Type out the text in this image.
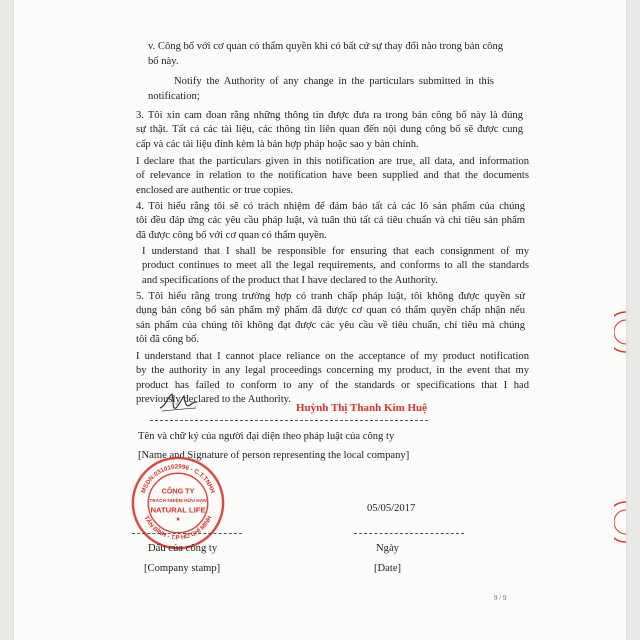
v. Công bố với cơ quan có thẩm quyền khi có bất cứ sự thay đổi nào trong bản công
bố này.
Notify the Authority of any change in the particulars submitted in this
notification;
3. Tôi xin cam đoan rằng những thông tin được đưa ra trong bản công bố này là đúng
sự thật. Tất cả các tài liệu, các thông tin liên quan đến nội dung công bố sẽ được cung
cấp và các tài liệu đính kèm là bản hợp pháp hoặc sao y bản chính.
I declare that the particulars given in this notification are true, all data, and information
of relevance in relation to the notification have been supplied and that the documents
enclosed are authentic or true copies.
4. Tôi hiểu rằng tôi sẽ có trách nhiệm để đảm bảo tất cả các lô sản phẩm của chúng
tôi đều đáp ứng các yêu cầu pháp luật, và tuân thủ tất cả tiêu chuẩn và chỉ tiêu sản phẩm
đã được công bố với cơ quan có thẩm quyền.
I understand that I shall be responsible for ensuring that each consignment of my
product continues to meet all the legal requirements, and conforms to all the standards
and specifications of the product that I have declared to the Authority.
5. Tôi hiểu rằng trong trường hợp có tranh chấp pháp luật, tôi không được quyền sử
dụng bản công bố sản phẩm mỹ phẩm đã được cơ quan có thẩm quyền chấp nhận nếu
sản phẩm của chúng tôi không đạt được các yêu cầu về tiêu chuẩn, chỉ tiêu mà chúng
tôi đã công bố.
I understand that I cannot place reliance on the acceptance of my product notification
by the authority in any legal proceedings concerning my product, in the event that my
product has failed to conform to any of the standards or specifications that I had
previously declared to the Authority.
Huỳnh Thị Thanh Kim Huệ
Tên và chữ ký của người đại diện theo pháp luật của công ty
[Name and Signature of person representing the local company]
MSDN:0310102996 - C.T.TNHH
TÂN BÌNH - T.P HỒ CHÍ MINH
CÔNG TY
TRÁCH NHIỆM HỮU HẠN
NATURAL LIFE
★
05/05/2017
Dấu của công ty	Ngày
[Company stamp]	[Date]
9 / 9
